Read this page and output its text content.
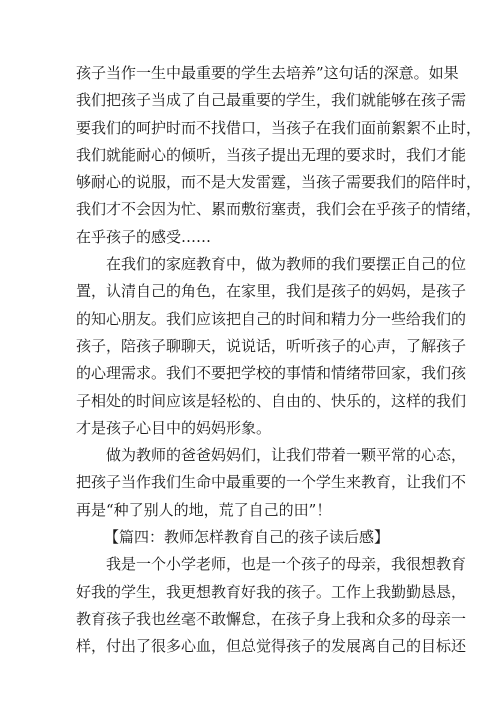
孩子当作一生中最重要的学生去培养”这句话的深意。如果
我们把孩子当成了自己最重要的学生，我们就能够在孩子需
要我们的呵护时而不找借口，当孩子在我们面前絮絮不止时，
我们就能耐心的倾听，当孩子提出无理的要求时，我们才能
够耐心的说服，而不是大发雷霆，当孩子需要我们的陪伴时，
我们才不会因为忙、累而敷衍塞责，我们会在乎孩子的情绪，
在乎孩子的感受……

在我们的家庭教育中，做为教师的我们要摆正自己的位
置，认清自己的角色，在家里，我们是孩子的妈妈，是孩子
的知心朋友。我们应该把自己的时间和精力分一些给我们的
孩子，陪孩子聊聊天，说说话，听听孩子的心声，了解孩子
的心理需求。我们不要把学校的事情和情绪带回家，我们孩
子相处的时间应该是轻松的、自由的、快乐的，这样的我们
才是孩子心目中的妈妈形象。

做为教师的爸爸妈妈们，让我们带着一颗平常的心态，
把孩子当作我们生命中最重要的一个学生来教育，让我们不
再是“种了别人的地，荒了自己的田”！

【篇四：教师怎样教育自己的孩子读后感】

我是一个小学老师，也是一个孩子的母亲，我很想教育
好我的学生，我更想教育好我的孩子。工作上我勤勤恳恳，
教育孩子我也丝毫不敢懈怠，在孩子身上我和众多的母亲一
样，付出了很多心血，但总觉得孩子的发展离自己的目标还
